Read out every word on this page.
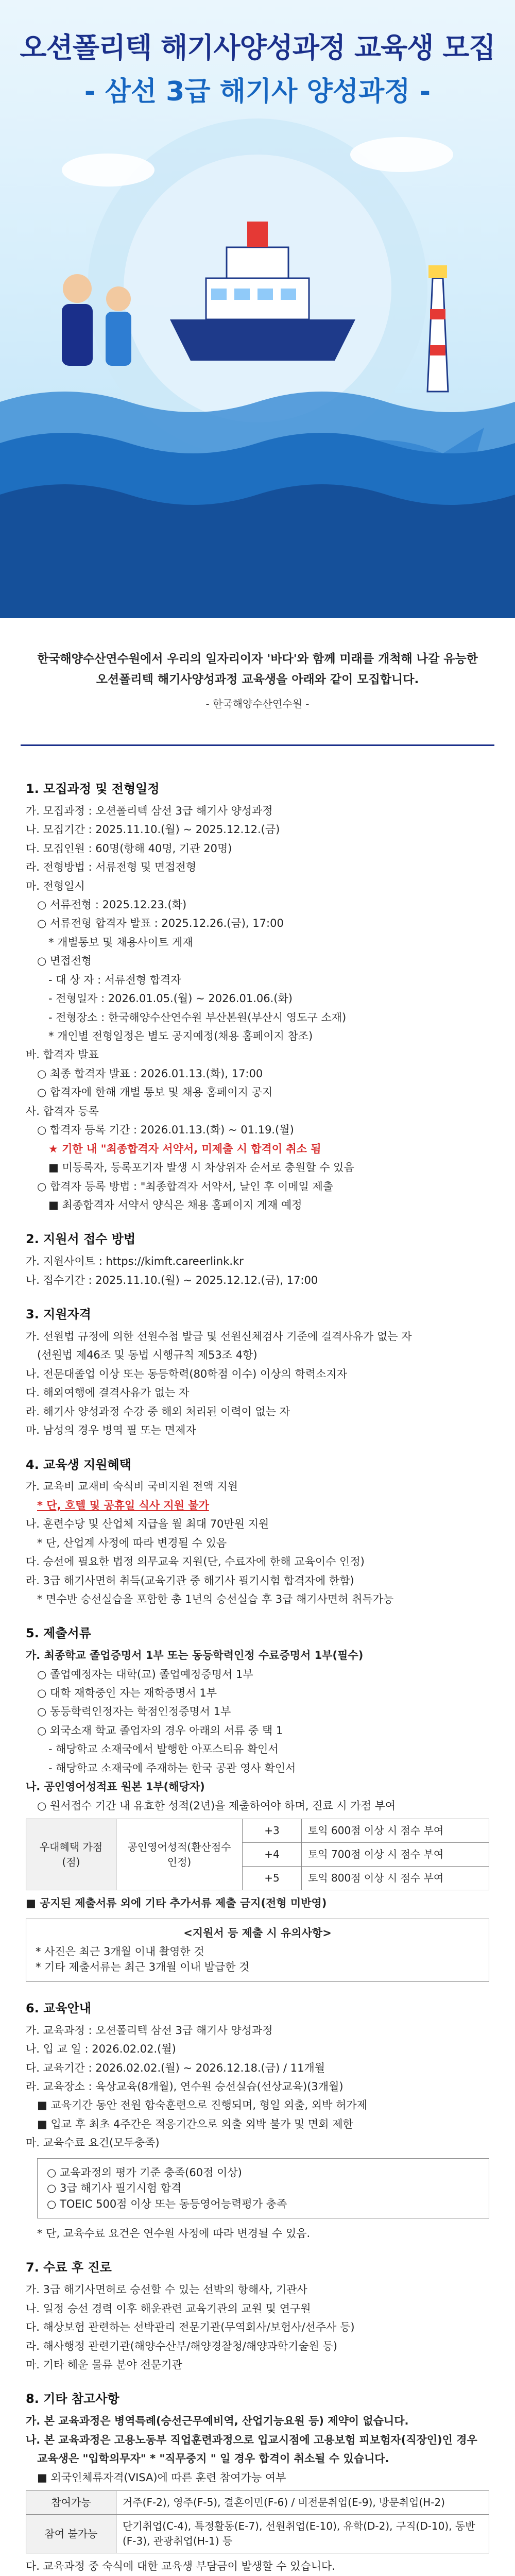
오션폴리텍 해기사양성과정 교육생 모집
- 삼선 3급 해기사 양성과정 -
한국해양수산연수원에서 우리의 일자리이자 '바다'와 함께 미래를 개척해 나갈 유능한
오션폴리텍 해기사양성과정 교육생을 아래와 같이 모집합니다.
- 한국해양수산연수원 -
1. 모집과정 및 전형일정
가. 모집과정 : 오션폴리텍 삼선 3급 해기사 양성과정
나. 모집기간 : 2025.11.10.(월) ~ 2025.12.12.(금)
다. 모집인원 : 60명(항해 40명, 기관 20명)
라. 전형방법 : 서류전형 및 면접전형
마. 전형일시
○ 서류전형 : 2025.12.23.(화)
○ 서류전형 합격자 발표 : 2025.12.26.(금), 17:00
* 개별통보 및 채용사이트 게재
○ 면접전형
- 대 상 자 : 서류전형 합격자
- 전형일자 : 2026.01.05.(월) ~ 2026.01.06.(화)
- 전형장소 : 한국해양수산연수원 부산본원(부산시 영도구 소재)
* 개인별 전형일정은 별도 공지예정(채용 홈페이지 참조)
바. 합격자 발표
○ 최종 합격자 발표 : 2026.01.13.(화), 17:00
○ 합격자에 한해 개별 통보 및 채용 홈페이지 공지
사. 합격자 등록
○ 합격자 등록 기간 : 2026.01.13.(화) ~ 01.19.(월)
★ 기한 내 "최종합격자 서약서, 미제출 시 합격이 취소 됨
■ 미등록자, 등록포기자 발생 시 차상위자 순서로 충원할 수 있음
○ 합격자 등록 방법 : "최종합격자 서약서, 날인 후 이메일 제출
■ 최종합격자 서약서 양식은 채용 홈페이지 게재 예정
2. 지원서 접수 방법
가. 지원사이트 : https://kimft.careerlink.kr
나. 접수기간 : 2025.11.10.(월) ~ 2025.12.12.(금), 17:00
3. 지원자격
가. 선원법 규정에 의한 선원수첩 발급 및 선원신체검사 기준에 결격사유가 없는 자
(선원법 제46조 및 동법 시행규칙 제53조 4항)
나. 전문대졸업 이상 또는 동등학력(80학점 이수) 이상의 학력소지자
다. 해외여행에 결격사유가 없는 자
라. 해기사 양성과정 수강 중 해외 처리된 이력이 없는 자
마. 남성의 경우 병역 필 또는 면제자
4. 교육생 지원혜택
가. 교육비 교재비 숙식비 국비지원 전액 지원
* 단, 호텔 및 공휴일 식사 지원 불가
나. 훈련수당 및 산업체 지급을 월 최대 70만원 지원
* 단, 산업계 사정에 따라 변경될 수 있음
다. 승선에 필요한 법정 의무교육 지원(단, 수료자에 한해 교육이수 인정)
라. 3급 해기사면허 취득(교육기관 중 해기사 필기시험 합격자에 한함)
* 면수반 승선실습을 포함한 총 1년의 승선실습 후 3급 해기사면허 취득가능
5. 제출서류
가. 최종학교 졸업증명서 1부 또는 동등학력인정 수료증명서 1부(필수)
○ 졸업예정자는 대학(교) 졸업예정증명서 1부
○ 대학 재학중인 자는 재학증명서 1부
○ 동등학력인정자는 학점인정증명서 1부
○ 외국소재 학교 졸업자의 경우 아래의 서류 중 택 1
- 해당학교 소재국에서 발행한 아포스티유 확인서
- 해당학교 소재국에 주재하는 한국 공관 영사 확인서
나. 공인영어성적표 원본 1부(해당자)
○ 원서접수 기간 내 유효한 성적(2년)을 제출하여야 하며, 진료 시 가점 부여
우대혜택 가점(점)	공인영어성적(환산점수 인정)	+3	토익 600점 이상 시 점수 부여
		+4	토익 700점 이상 시 점수 부여
		+5	토익 800점 이상 시 점수 부여
■ 공지된 제출서류 외에 기타 추가서류 제출 금지(전형 미반영)
<지원서 등 제출 시 유의사항>
* 사진은 최근 3개월 이내 촬영한 것
* 기타 제출서류는 최근 3개월 이내 발급한 것
6. 교육안내
가. 교육과정 : 오션폴리텍 삼선 3급 해기사 양성과정
나. 입 교 일 : 2026.02.02.(월)
다. 교육기간 : 2026.02.02.(월) ~ 2026.12.18.(금) / 11개월
라. 교육장소 : 육상교육(8개월), 연수원 승선실습(선상교육)(3개월)
■ 교육기간 동안 전원 합숙훈련으로 진행되며, 형일 외출, 외박 허가제
■ 입교 후 최초 4주간은 적응기간으로 외출 외박 불가 및 면회 제한
마. 교육수료 요건(모두충족)
○ 교육과정의 평가 기준 충족(60점 이상)
○ 3급 해기사 필기시험 합격
○ TOEIC 500점 이상 또는 동등영어능력평가 충족
* 단, 교육수료 요건은 연수원 사정에 따라 변경될 수 있음.
7. 수료 후 진로
가. 3급 해기사면허로 승선할 수 있는 선박의 항해사, 기관사
나. 일정 승선 경력 이후 해운관련 교육기관의 교원 및 연구원
다. 해상보험 관련하는 선박관리 전문기관(무역회사/보험사/선주사 등)
라. 해사행정 관련기관(해양수산부/해양경찰청/해양과학기술원 등)
마. 기타 해운 물류 분야 전문기관
8. 기타 참고사항
가. 본 교육과정은 병역특례(승선근무예비역, 산업기능요원 등) 제약이 없습니다.
나. 본 교육과정은 고용노동부 직업훈련과정으로 입교시점에 고용보험 피보험자(직장인)인 경우
교육생은 "입학의무자" * "직무중지 " 일 경우 합격이 취소될 수 있습니다.
■ 외국인체류자격(VISA)에 따른 훈련 참여가능 여부
참여가능	거주(F-2), 영주(F-5), 결혼이민(F-6) / 비전문취업(E-9), 방문취업(H-2)
참여 불가능	단기취업(C-4), 특정활동(E-7), 선원취업(E-10), 유학(D-2), 구직(D-10), 동반(F-3), 관광취업(H-1) 등
다. 교육과정 중 숙식에 대한 교육생 부담금이 발생할 수 있습니다.
